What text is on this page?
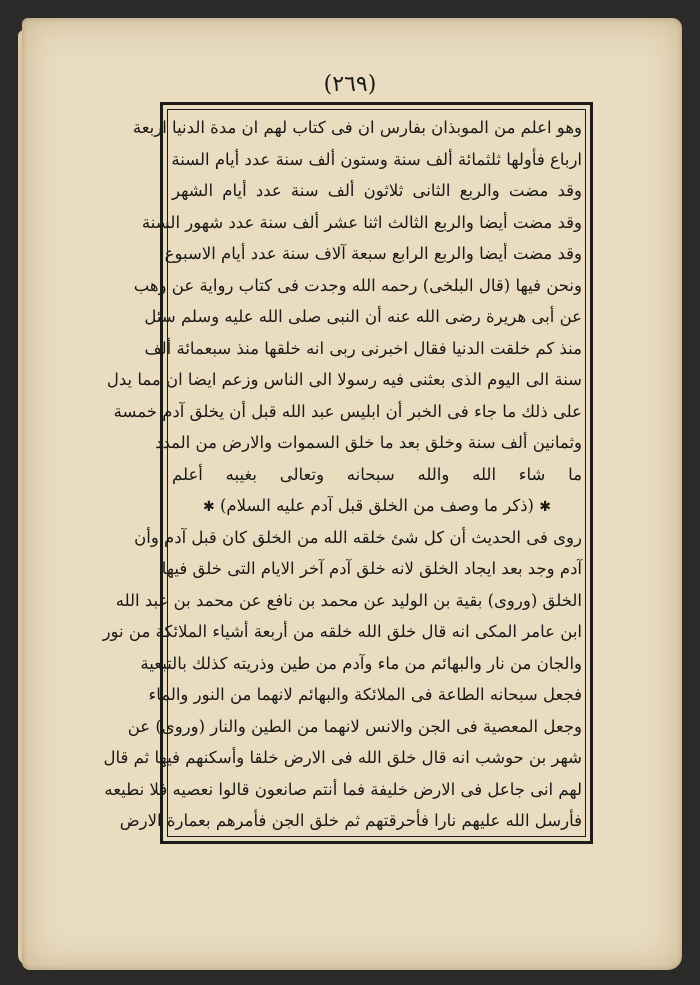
(٢٦٩)
وهو اعلم من الموبذان بفارس ان فى كتاب لهم ان مدة الدنيا اربعة
ارباع فأولها ثلثمائة ألف سنة وستون ألف سنة عدد أيام السنة
وقد مضت والربع الثانى ثلاثون ألف سنة عدد أيام الشهر
وقد مضت أيضا والربع الثالث اثنا عشر ألف سنة عدد شهور السنة
وقد مضت أيضا والربع الرابع سبعة آلاف سنة عدد أيام الاسبوع
ونحن فيها (قال البلخى) رحمه الله وجدت فى كتاب رواية عن وهب
عن أبى هريرة رضى الله عنه أن النبى صلى الله عليه وسلم سئل
منذ كم خلقت الدنيا فقال اخبرنى ربى انه خلقها منذ سبعمائة ألف
سنة الى اليوم الذى بعثنى فيه رسولا الى الناس وزعم ايضا ان مما يدل
على ذلك ما جاء فى الخبر أن ابليس عبد الله قبل أن يخلق آدم خمسة
وثمانين ألف سنة وخلق بعد ما خلق السموات والارض من المدد
ما شاء الله والله سبحانه وتعالى بغيبه أعلم
✱ (ذكر ما وصف من الخلق قبل آدم عليه السلام) ✱
روى فى الحديث أن كل شئ خلقه الله من الخلق كان قبل آدم وأن
آدم وجد بعد ايجاد الخلق لانه خلق آدم آخر الايام التى خلق فيها
الخلق (وروى) بقية بن الوليد عن محمد بن نافع عن محمد بن عبد الله
ابن عامر المكى انه قال خلق الله خلقه من أربعة أشياء الملائكة من نور
والجان من نار والبهائم من ماء وآدم من طين وذريته كذلك بالتبعية
فجعل سبحانه الطاعة فى الملائكة والبهائم لانهما من النور والماء
وجعل المعصية فى الجن والانس لانهما من الطين والنار (وروى) عن
شهر بن حوشب انه قال خلق الله فى الارض خلقا وأسكنهم فيها ثم قال
لهم انى جاعل فى الارض خليفة فما أنتم صانعون قالوا نعصيه فلا نطيعه
فأرسل الله عليهم نارا فأحرقتهم ثم خلق الجن فأمرهم بعمارة الارض
